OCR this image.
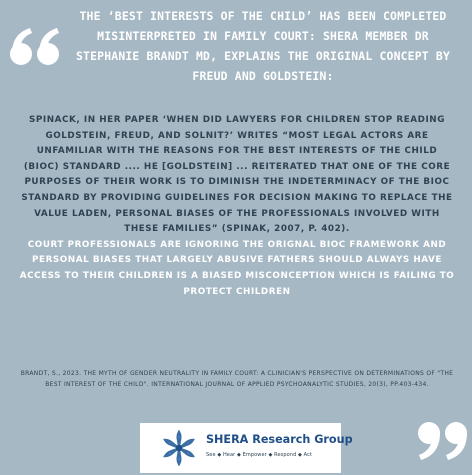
THE ‘BEST INTERESTS OF THE CHILD’ HAS BEEN COMPLETED MISINTERPRETED IN FAMILY COURT: SHERA MEMBER DR STEPHANIE BRANDT MD, EXPLAINS THE ORIGINAL CONCEPT BY FREUD AND GOLDSTEIN:

SPINACK, IN HER PAPER ‘WHEN DID LAWYERS FOR CHILDREN STOP READING GOLDSTEIN, FREUD, AND SOLNIT?’ WRITES “MOST LEGAL ACTORS ARE UNFAMILIAR WITH THE REASONS FOR THE BEST INTERESTS OF THE CHILD (BIOC) STANDARD .... HE [GOLDSTEIN] ... REITERATED THAT ONE OF THE CORE PURPOSES OF THEIR WORK IS TO DIMINISH THE INDETERMINACY OF THE BIOC STANDARD BY PROVIDING GUIDELINES FOR DECISION MAKING TO REPLACE THE VALUE LADEN, PERSONAL BIASES OF THE PROFESSIONALS INVOLVED WITH THESE FAMILIES” (SPINAK, 2007, P. 402).

COURT PROFESSIONALS ARE IGNORING THE ORIGNAL BIOC FRAMEWORK AND PERSONAL BIASES THAT LARGELY ABUSIVE FATHERS SHOULD ALWAYS HAVE ACCESS TO THEIR CHILDREN IS A BIASED MISCONCEPTION WHICH IS FAILING TO PROTECT CHILDREN

BRANDT, S., 2023. THE MYTH OF GENDER NEUTRALITY IN FAMILY COURT: A CLINICIAN'S PERSPECTIVE ON DETERMINATIONS OF "THE BEST INTEREST OF THE CHILD". INTERNATIONAL JOURNAL OF APPLIED PSYCHOANALYTIC STUDIES, 20(3), PP.403-434.
SHERA Research Group
See ◆ Hear ◆ Empower ◆ Respond ◆ Act
